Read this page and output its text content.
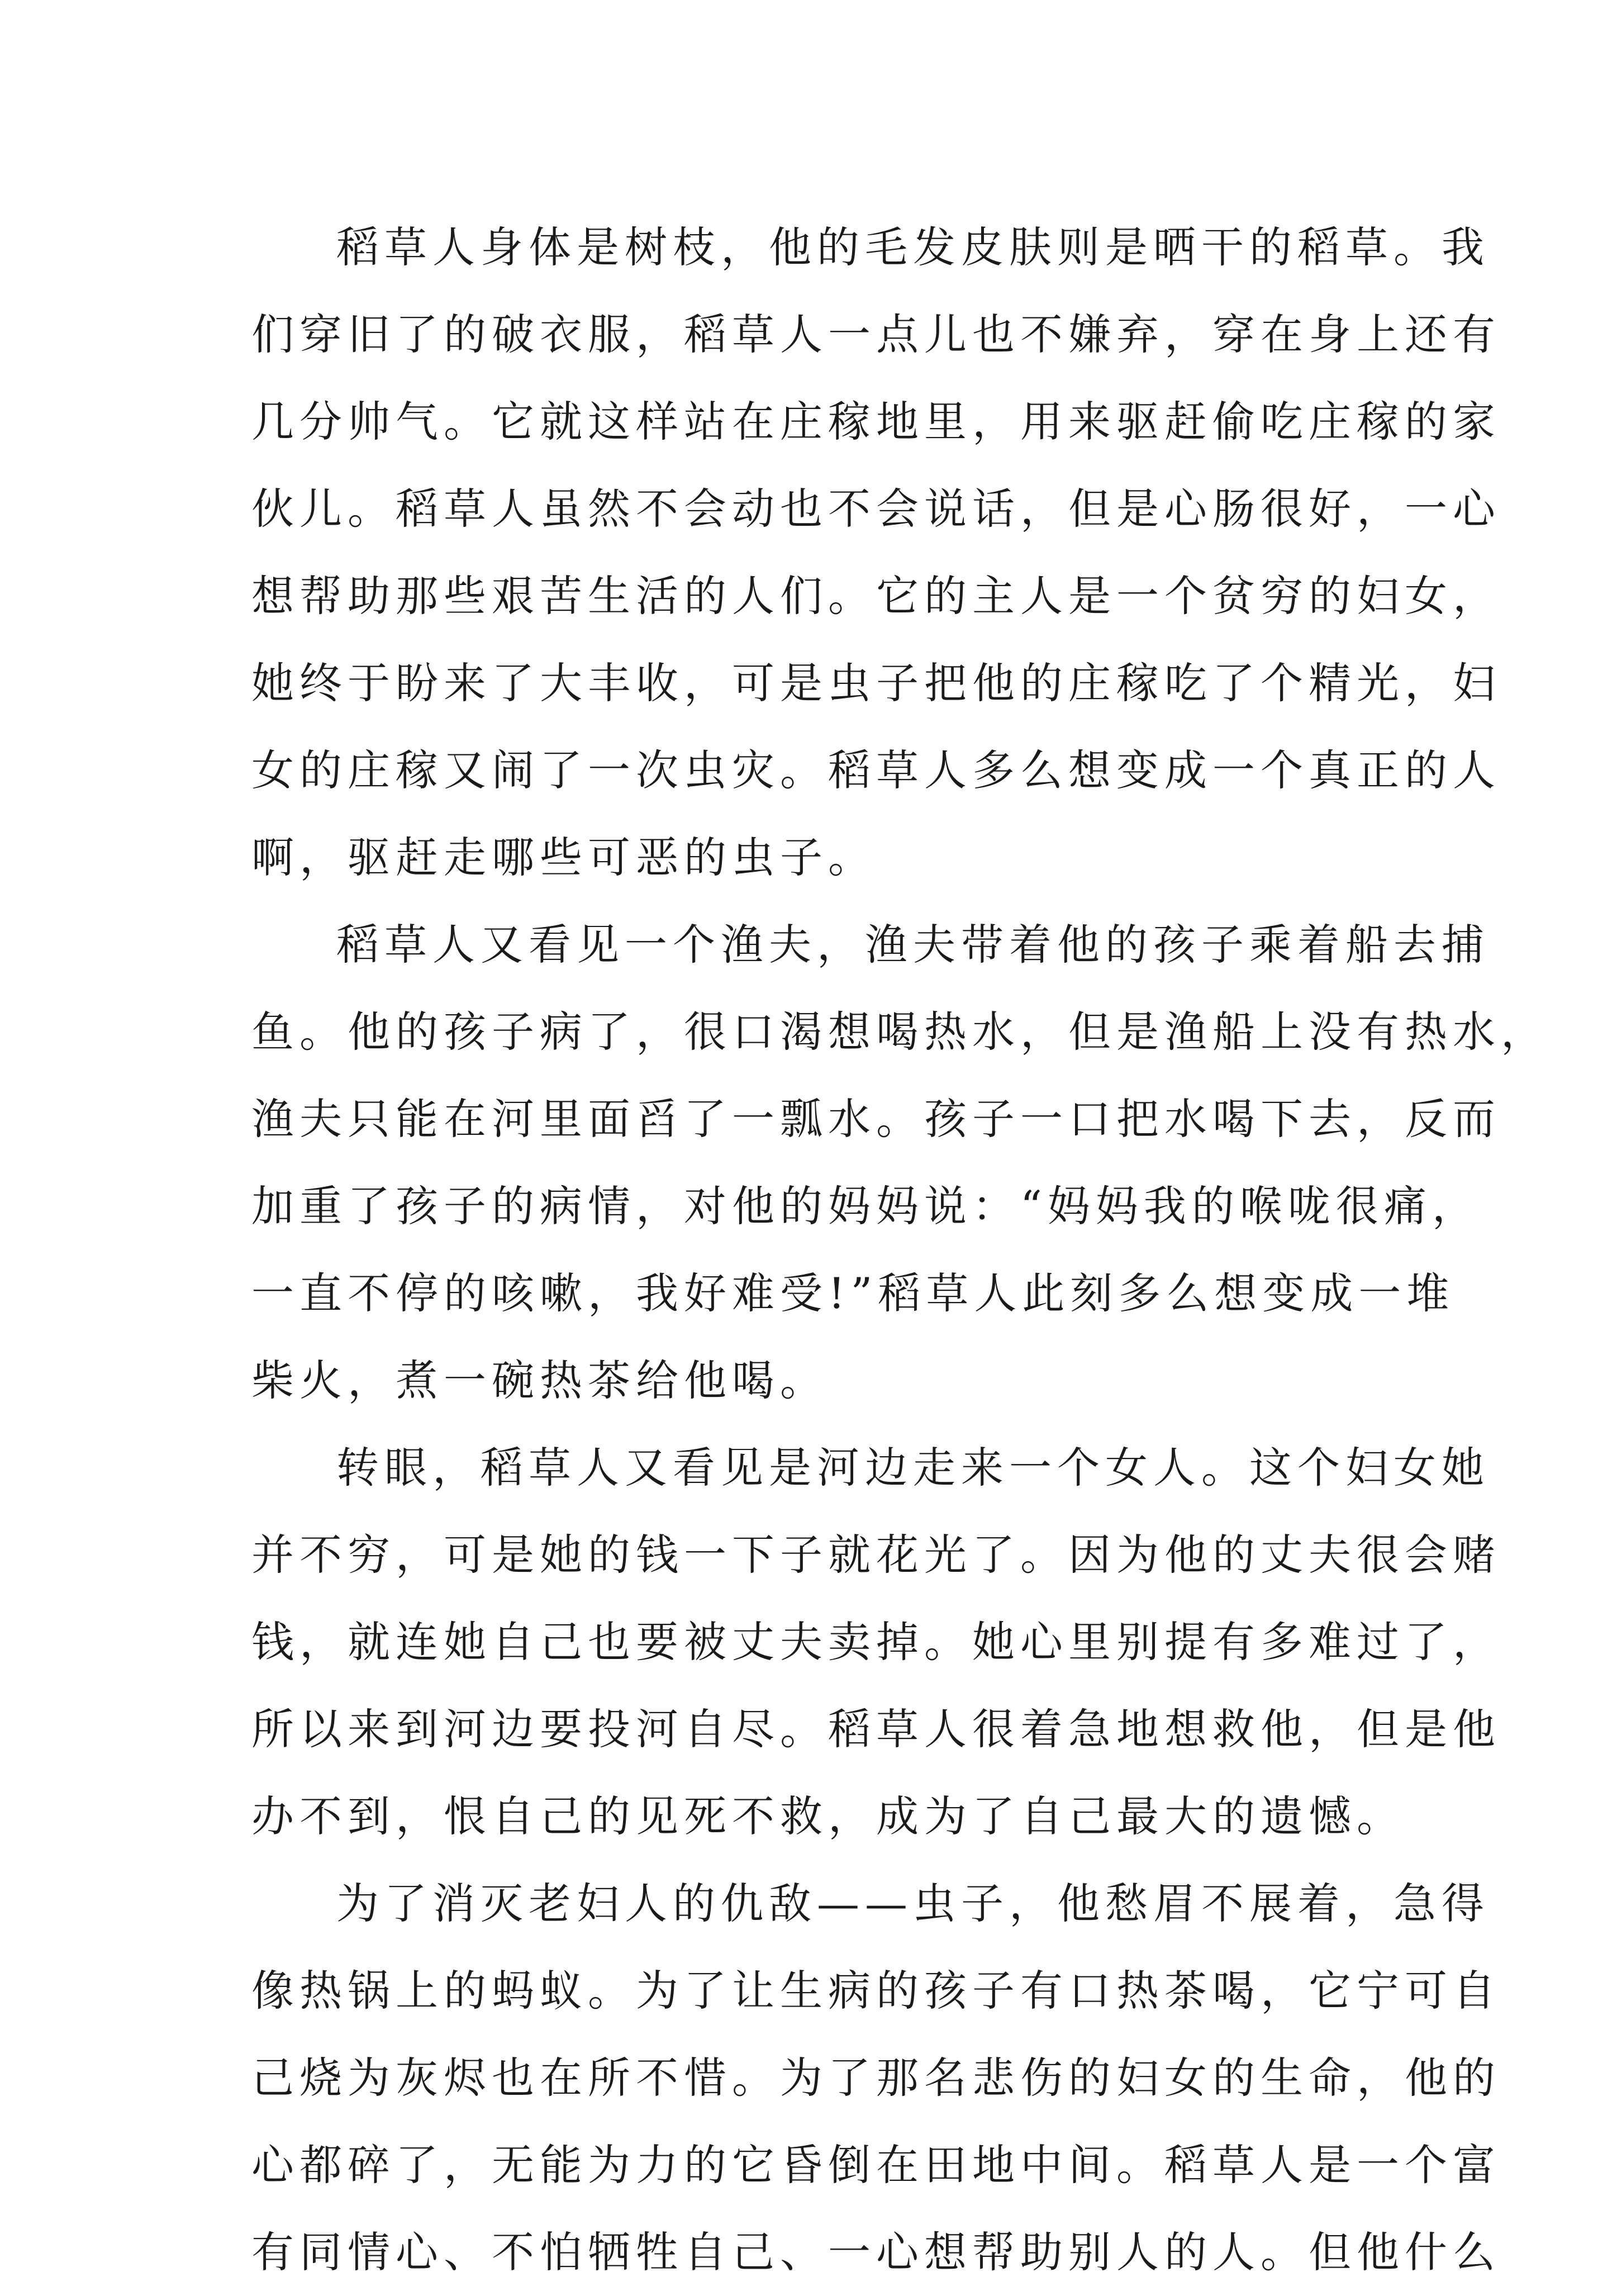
稻草人身体是树枝，他的毛发皮肤则是晒干的稻草。我
们穿旧了的破衣服，稻草人一点儿也不嫌弃，穿在身上还有
几分帅气。它就这样站在庄稼地里，用来驱赶偷吃庄稼的家
伙儿。稻草人虽然不会动也不会说话，但是心肠很好，一心
想帮助那些艰苦生活的人们。它的主人是一个贫穷的妇女，
她终于盼来了大丰收，可是虫子把他的庄稼吃了个精光，妇
女的庄稼又闹了一次虫灾。稻草人多么想变成一个真正的人
啊，驱赶走哪些可恶的虫子。

稻草人又看见一个渔夫，渔夫带着他的孩子乘着船去捕
鱼。他的孩子病了，很口渴想喝热水，但是渔船上没有热水，
渔夫只能在河里面舀了一瓢水。孩子一口把水喝下去，反而
加重了孩子的病情，对他的妈妈说：“妈妈我的喉咙很痛，
一直不停的咳嗽，我好难受!”稻草人此刻多么想变成一堆
柴火，煮一碗热茶给他喝。

转眼，稻草人又看见是河边走来一个女人。这个妇女她
并不穷，可是她的钱一下子就花光了。因为他的丈夫很会赌
钱，就连她自己也要被丈夫卖掉。她心里别提有多难过了，
所以来到河边要投河自尽。稻草人很着急地想救他，但是他
办不到，恨自己的见死不救，成为了自己最大的遗憾。

为了消灭老妇人的仇敌——虫子，他愁眉不展着，急得
像热锅上的蚂蚁。为了让生病的孩子有口热茶喝，它宁可自
己烧为灰烬也在所不惜。为了那名悲伤的妇女的生命，他的
心都碎了，无能为力的它昏倒在田地中间。稻草人是一个富
有同情心、不怕牺牲自己、一心想帮助别人的人。但他什么
